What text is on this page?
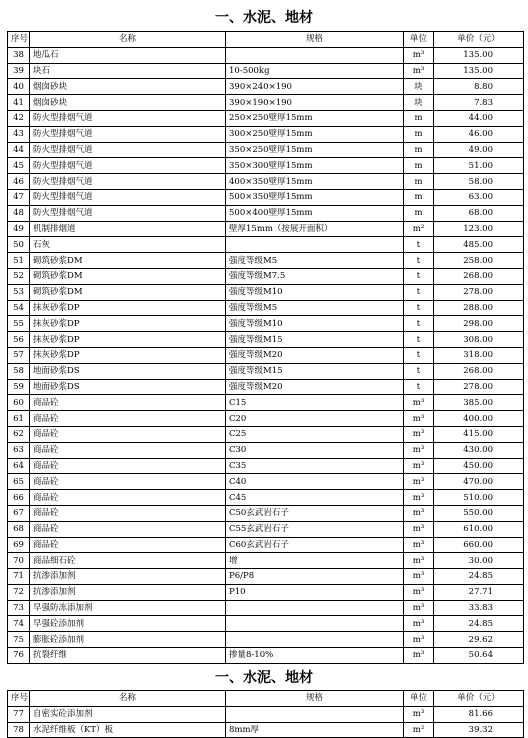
一、水泥、地材
序号	名称	规格	单位	单价（元）
38	地瓜石		m³	135.00
39	块石	10-500kg	m³	135.00
40	烟囱砂块	390×240×190	块	8.80
41	烟囱砂块	390×190×190	块	7.83
42	防火型排烟气道	250×250壁厚15mm	m	44.00
43	防火型排烟气道	300×250壁厚15mm	m	46.00
44	防火型排烟气道	350×250壁厚15mm	m	49.00
45	防火型排烟气道	350×300壁厚15mm	m	51.00
46	防火型排烟气道	400×350壁厚15mm	m	58.00
47	防火型排烟气道	500×350壁厚15mm	m	63.00
48	防火型排烟气道	500×400壁厚15mm	m	68.00
49	机制排烟道	壁厚15mm（按展开面积）	m²	123.00
50	石灰		t	485.00
51	砌筑砂浆DM	强度等级M5	t	258.00
52	砌筑砂浆DM	强度等级M7.5	t	268.00
53	砌筑砂浆DM	强度等级M10	t	278.00
54	抹灰砂浆DP	强度等级M5	t	288.00
55	抹灰砂浆DP	强度等级M10	t	298.00
56	抹灰砂浆DP	强度等级M15	t	308.00
57	抹灰砂浆DP	强度等级M20	t	318.00
58	地面砂浆DS	强度等级M15	t	268.00
59	地面砂浆DS	强度等级M20	t	278.00
60	商品砼	C15	m³	385.00
61	商品砼	C20	m³	400.00
62	商品砼	C25	m³	415.00
63	商品砼	C30	m³	430.00
64	商品砼	C35	m³	450.00
65	商品砼	C40	m³	470.00
66	商品砼	C45	m³	510.00
67	商品砼	C50玄武岩石子	m³	550.00
68	商品砼	C55玄武岩石子	m³	610.00
69	商品砼	C60玄武岩石子	m³	660.00
70	商品细石砼	增	m³	30.00
71	抗渗添加剂	P6/P8	m³	24.85
72	抗渗添加剂	P10	m³	27.71
73	早强防冻添加剂		m³	33.83
74	早强砼添加剂		m³	24.85
75	膨胀砼添加剂		m³	29.62
76	抗裂纤维	掺量8-10%	m³	50.64
一、水泥、地材
序号	名称	规格	单位	单价（元）
77	自密实砼添加剂		m³	81.66
78	水泥纤维板（KT）板	8mm厚	m²	39.32
